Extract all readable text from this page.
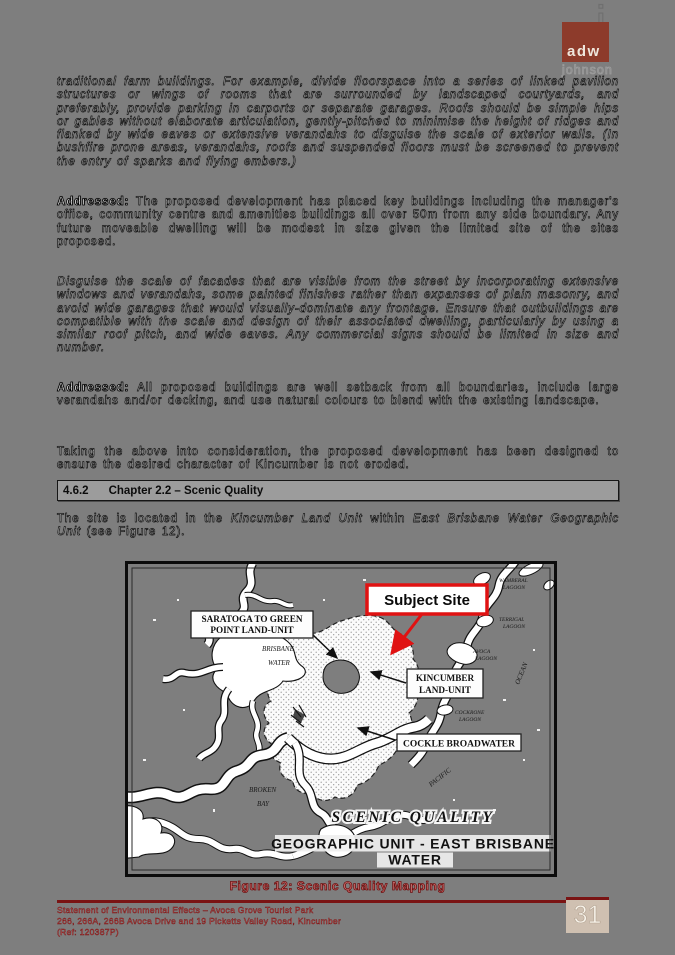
adw
johnson

traditional farm buildings. For example, divide floorspace into a series of linked pavilion structures or wings of rooms that are surrounded by landscaped courtyards, and preferably, provide parking in carports or separate garages. Roofs should be simple hips or gables without elaborate articulation, gently-pitched to minimise the height of ridges and flanked by wide eaves or extensive verandahs to disguise the scale of exterior walls. (In bushfire prone areas, verandahs, roofs and suspended floors must be screened to prevent the entry of sparks and flying embers.)

Addressed: The proposed development has placed key buildings including the manager's office, community centre and amenities buildings all over 50m from any side boundary. Any future moveable dwelling will be modest in size given the limited site of the sites proposed.

Disguise the scale of facades that are visible from the street by incorporating extensive windows and verandahs, some painted finishes rather than expanses of plain masonry, and avoid wide garages that would visually-dominate any frontage. Ensure that outbuildings are compatible with the scale and design of their associated dwelling, particularly by using a similar roof pitch, and wide eaves. Any commercial signs should be limited in size and number.

Addressed: All proposed buildings are well setback from all boundaries, include large verandahs and/or decking, and use natural colours to blend with the existing landscape.

Taking the above into consideration, the proposed development has been designed to ensure the desired character of Kincumber is not eroded.

4.6.2 Chapter 2.2 – Scenic Quality

The site is located in the Kincumber Land Unit within East Brisbane Water Geographic Unit (see Figure 12).

Subject Site
SARATOGA TO GREEN
POINT LAND-UNIT
KINCUMBER
LAND-UNIT
COCKLE BROADWATER
BRISBANE
WATER
WAMBERAL
LAGOON
TERRIGAL
LAGOON
AVOCA
LAGOON
COCKRONE
LAGOON
OCEAN
PACIFIC
BROKEN
BAY
SCENIC QUALITY
GEOGRAPHIC UNIT - EAST BRISBANE
WATER
Figure 12: Scenic Quality Mapping
Statement of Environmental Effects – Avoca Grove Tourist Park
266, 266A, 266B Avoca Drive and 19 Picketts Valley Road, Kincumber
(Ref: 120387P)
31
